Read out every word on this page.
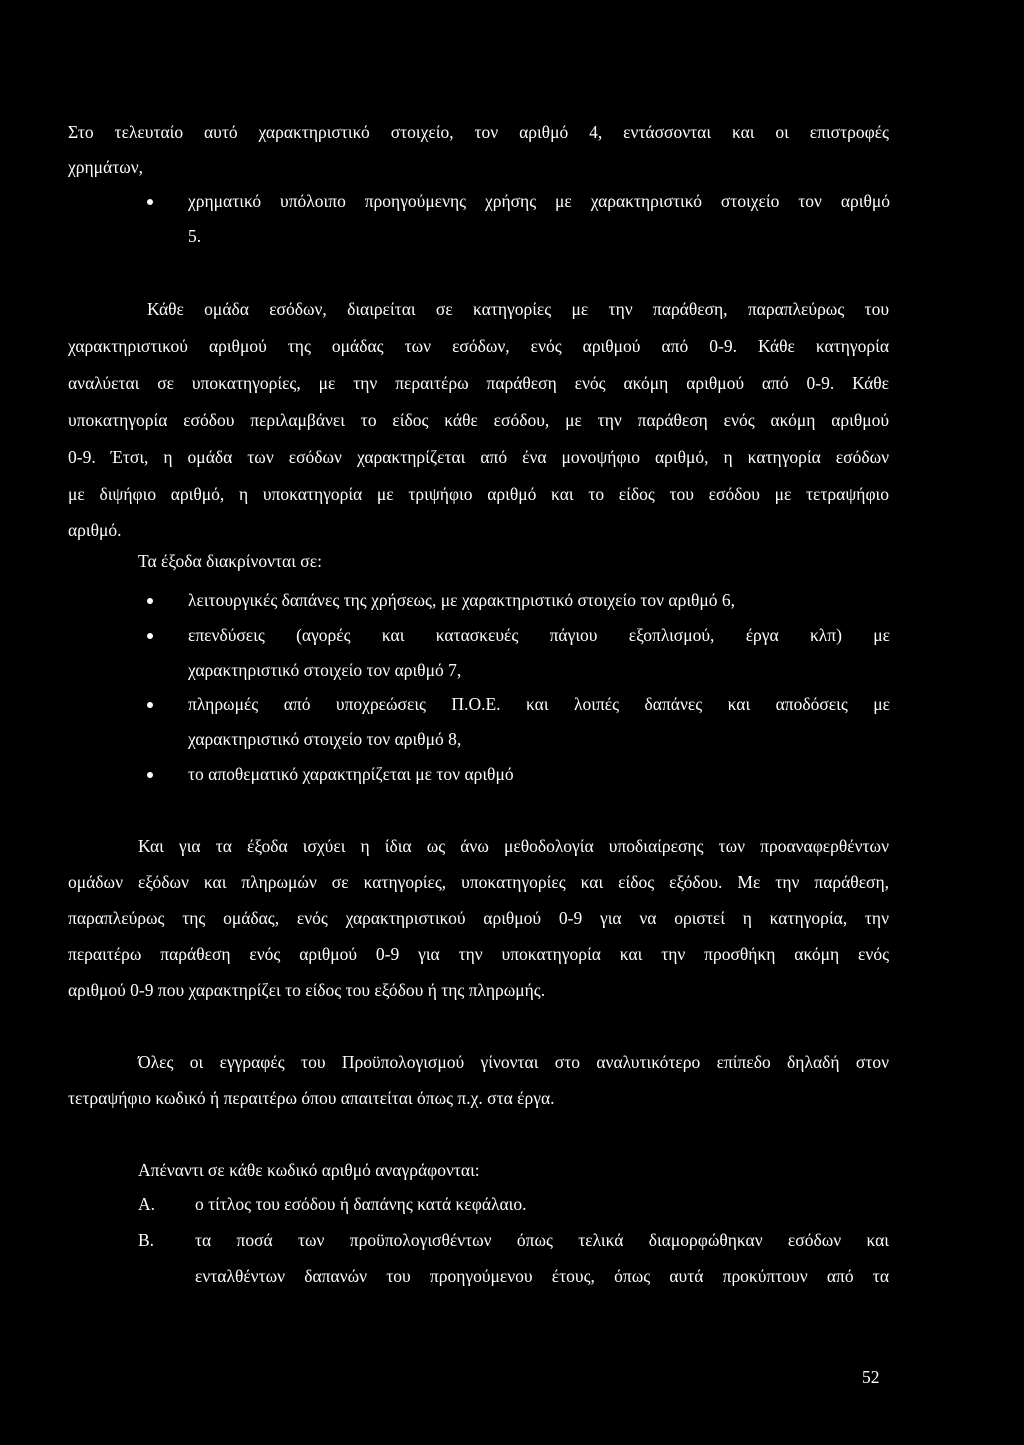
Στο τελευταίο αυτό χαρακτηριστικό στοιχείο, τον αριθμό 4, εντάσσονται και οι επιστροφές
χρημάτων,
χρηματικό υπόλοιπο προηγούμενης χρήσης με χαρακτηριστικό στοιχείο τον αριθμό
5.
Κάθε ομάδα εσόδων, διαιρείται σε κατηγορίες με την παράθεση, παραπλεύρως του
χαρακτηριστικού αριθμού της ομάδας των εσόδων, ενός αριθμού από 0-9. Κάθε κατηγορία
αναλύεται σε υποκατηγορίες, με την περαιτέρω παράθεση ενός ακόμη αριθμού από 0-9. Κάθε
υποκατηγορία εσόδου περιλαμβάνει το είδος κάθε εσόδου, με την παράθεση ενός ακόμη αριθμού
0-9. Έτσι, η ομάδα των εσόδων χαρακτηρίζεται από ένα μονοψήφιο αριθμό, η κατηγορία εσόδων
με διψήφιο αριθμό, η υποκατηγορία με τριψήφιο αριθμό και το είδος του εσόδου με τετραψήφιο
αριθμό.
Τα έξοδα διακρίνονται σε:
λειτουργικές δαπάνες της χρήσεως, με χαρακτηριστικό στοιχείο τον αριθμό 6,
επενδύσεις (αγορές και κατασκευές πάγιου εξοπλισμού, έργα κλπ) με
χαρακτηριστικό στοιχείο τον αριθμό 7,
πληρωμές από υποχρεώσεις Π.Ο.Ε. και λοιπές δαπάνες και αποδόσεις με
χαρακτηριστικό στοιχείο τον αριθμό 8,
το αποθεματικό χαρακτηρίζεται με τον αριθμό
Και για τα έξοδα ισχύει η ίδια ως άνω μεθοδολογία υποδιαίρεσης των προαναφερθέντων
ομάδων εξόδων και πληρωμών σε κατηγορίες, υποκατηγορίες και είδος εξόδου. Με την παράθεση,
παραπλεύρως της ομάδας, ενός χαρακτηριστικού αριθμού 0-9 για να οριστεί η κατηγορία, την
περαιτέρω παράθεση ενός αριθμού 0-9 για την υποκατηγορία και την προσθήκη ακόμη ενός
αριθμού 0-9 που χαρακτηρίζει το είδος του εξόδου ή της πληρωμής.
Όλες οι εγγραφές του Προϋπολογισμού γίνονται στο αναλυτικότερο επίπεδο δηλαδή στον
τετραψήφιο κωδικό ή περαιτέρω όπου απαιτείται όπως π.χ. στα έργα.
Απέναντι σε κάθε κωδικό αριθμό αναγράφονται:
Α. ο τίτλος του εσόδου ή δαπάνης κατά κεφάλαιο.
Β. τα ποσά των προϋπολογισθέντων όπως τελικά διαμορφώθηκαν εσόδων και
ενταλθέντων δαπανών του προηγούμενου έτους, όπως αυτά προκύπτουν από τα
52
